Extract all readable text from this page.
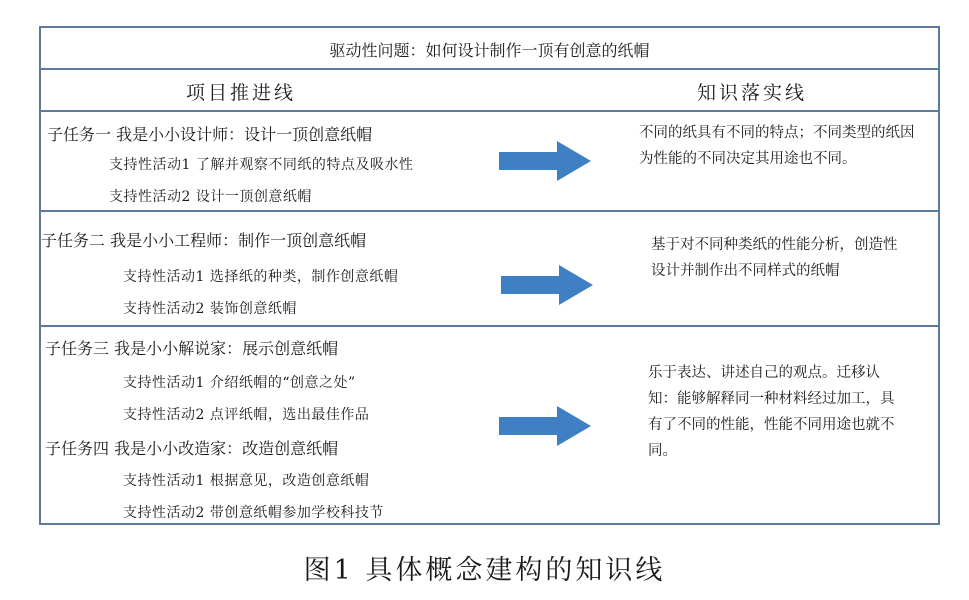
驱动性问题：如何设计制作一顶有创意的纸帽
项目推进线	知识落实线
子任务一 我是小小设计师：设计一顶创意纸帽
支持性活动1 了解并观察不同纸的特点及吸水性
支持性活动2 设计一顶创意纸帽
不同的纸具有不同的特点；不同类型的纸因为性能的不同决定其用途也不同。
子任务二 我是小小工程师：制作一顶创意纸帽
支持性活动1 选择纸的种类，制作创意纸帽
支持性活动2 装饰创意纸帽
基于对不同种类纸的性能分析，创造性设计并制作出不同样式的纸帽
子任务三 我是小小解说家：展示创意纸帽
支持性活动1 介绍纸帽的“创意之处”
支持性活动2 点评纸帽，选出最佳作品
子任务四 我是小小改造家：改造创意纸帽
支持性活动1 根据意见，改造创意纸帽
支持性活动2 带创意纸帽参加学校科技节
乐于表达、讲述自己的观点。迁移认知：能够解释同一种材料经过加工，具有了不同的性能，性能不同用途也就不同。
图1 具体概念建构的知识线
